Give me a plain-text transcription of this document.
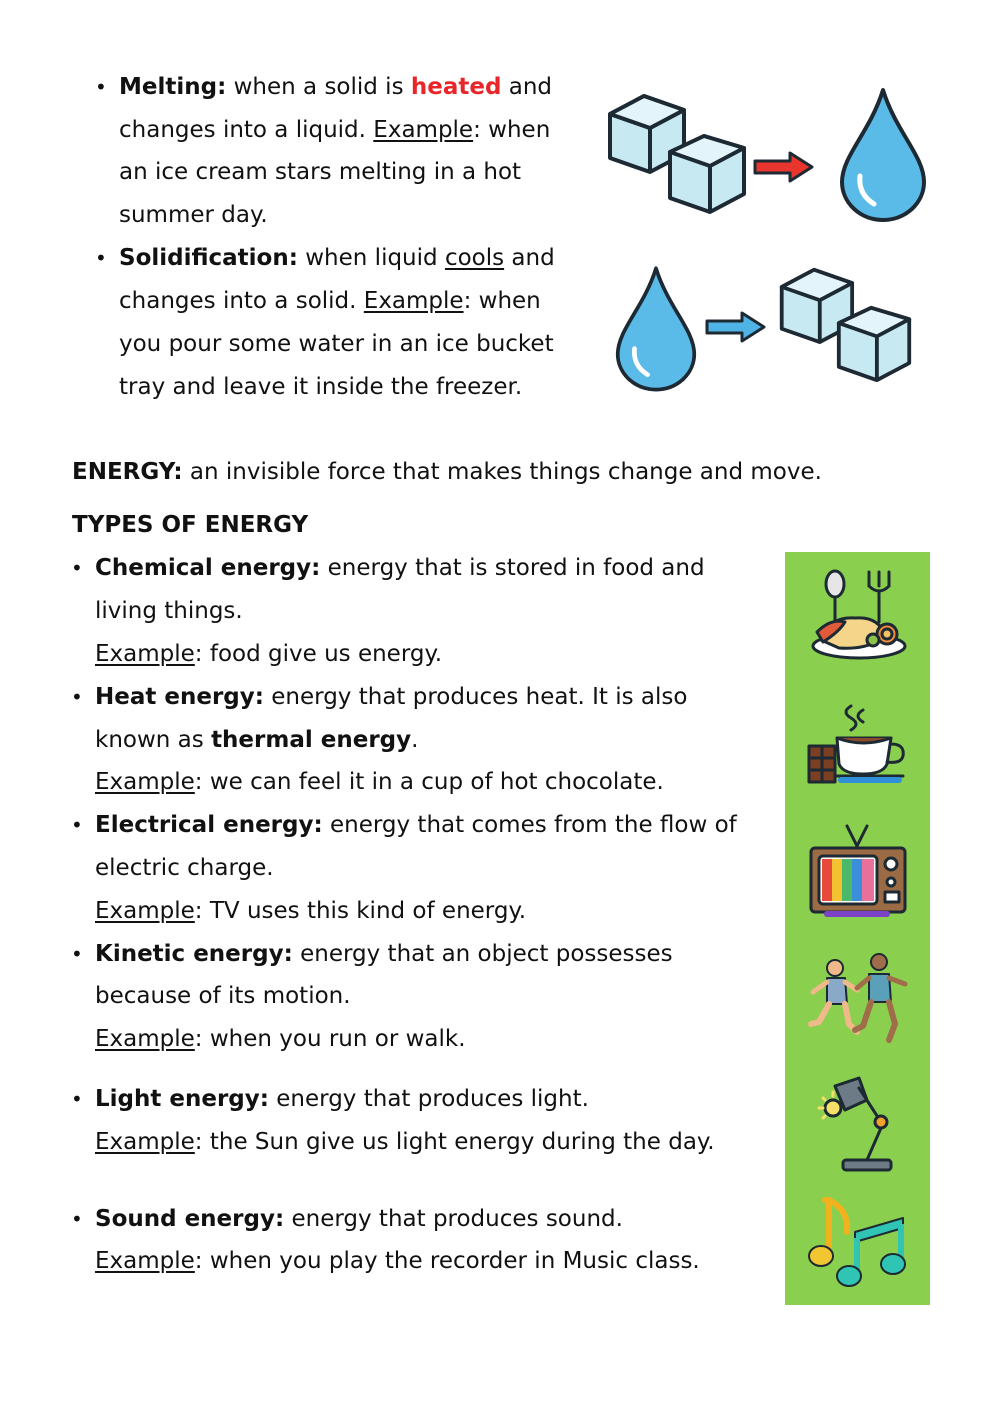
• Melting: when a solid is heated and
changes into a liquid. Example: when
an ice cream stars melting in a hot
summer day.
• Solidification: when liquid cools and
changes into a solid. Example: when
you pour some water in an ice bucket
tray and leave it inside the freezer.
ENERGY: an invisible force that makes things change and move.
TYPES OF ENERGY
• Chemical energy: energy that is stored in food and
living things.
Example: food give us energy.
• Heat energy: energy that produces heat. It is also
known as thermal energy.
Example: we can feel it in a cup of hot chocolate.
• Electrical energy: energy that comes from the flow of
electric charge.
Example: TV uses this kind of energy.
• Kinetic energy: energy that an object possesses
because of its motion.
Example: when you run or walk.
• Light energy: energy that produces light.
Example: the Sun give us light energy during the day.
• Sound energy: energy that produces sound.
Example: when you play the recorder in Music class.
